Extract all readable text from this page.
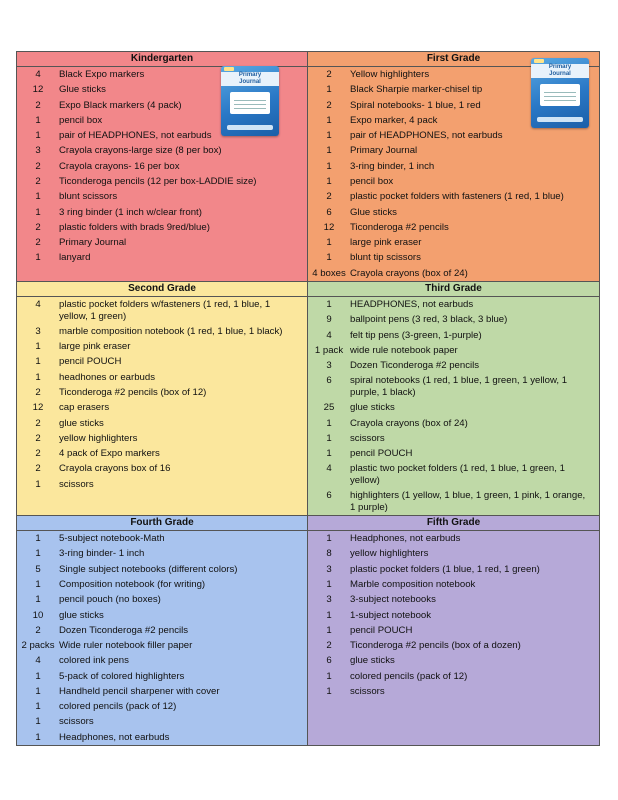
Kindergarten
4	Black Expo markers
12	Glue sticks
2	Expo Black markers (4 pack)
1	pencil box
1	pair of HEADPHONES, not earbuds
3	Crayola crayons-large size (8 per box)
2	Crayola crayons- 16 per box
2	Ticonderoga pencils (12 per box-LADDIE size)
1	blunt scissors
1	3 ring binder (1 inch w/clear front)
2	plastic folders with brads 9red/blue)
2	Primary Journal
1	lanyard
Primary
Journal
First Grade
2	Yellow highlighters
1	Black Sharpie marker-chisel tip
2	Spiral notebooks- 1 blue, 1 red
1	Expo marker, 4 pack
1	pair of HEADPHONES, not earbuds
1	Primary Journal
1	3-ring binder, 1 inch
1	pencil box
2	plastic pocket folders with fasteners (1 red, 1 blue)
6	Glue sticks
12	Ticonderoga #2 pencils
1	large pink eraser
1	blunt tip scissors
4 boxes Crayola crayons (box of 24)
Primary
Journal
Second Grade
4	plastic pocket folders w/fasteners (1 red, 1 blue, 1 yellow, 1 green)
3	marble composition notebook (1 red, 1 blue, 1 black)
1	large pink eraser
1	pencil POUCH
1	headhones or earbuds
2	Ticonderoga #2 pencils (box of 12)
12	cap erasers
2	glue sticks
2	yellow highlighters
2	4 pack of Expo markers
2	Crayola crayons box of 16
1	scissors
Third Grade
1	HEADPHONES, not earbuds
9	ballpoint pens (3 red, 3 black, 3 blue)
4	felt tip pens (3-green, 1-purple)
1 pack wide rule notebook paper
3	Dozen Ticonderoga #2 pencils
6	spiral notebooks (1 red, 1 blue, 1 green, 1 yellow, 1 purple, 1 black)
25	glue sticks
1	Crayola crayons (box of 24)
1	scissors
1	pencil POUCH
4	plastic two pocket folders (1 red, 1 blue, 1 green, 1 yellow)
6	highlighters (1 yellow, 1 blue, 1 green, 1 pink, 1 orange, 1 purple)
Fourth Grade
1	5-subject notebook-Math
1	3-ring binder- 1 inch
5	Single subject notebooks (different colors)
1	Composition notebook (for writing)
1	pencil pouch (no boxes)
10	glue sticks
2	Dozen Ticonderoga #2 pencils
2 packs Wide ruler notebook filler paper
4	colored ink pens
1	5-pack of colored highlighters
1	Handheld pencil sharpener with cover
1	colored pencils (pack of 12)
1	scissors
1	Headphones, not earbuds
Fifth Grade
1	Headphones, not earbuds
8	yellow highlighters
3	plastic pocket folders (1 blue, 1 red, 1 green)
1	Marble composition notebook
3	3-subject notebooks
1	1-subject notebook
1	pencil POUCH
2	Ticonderoga #2 pencils (box of a dozen)
6	glue sticks
1	colored pencils (pack of 12)
1	scissors
